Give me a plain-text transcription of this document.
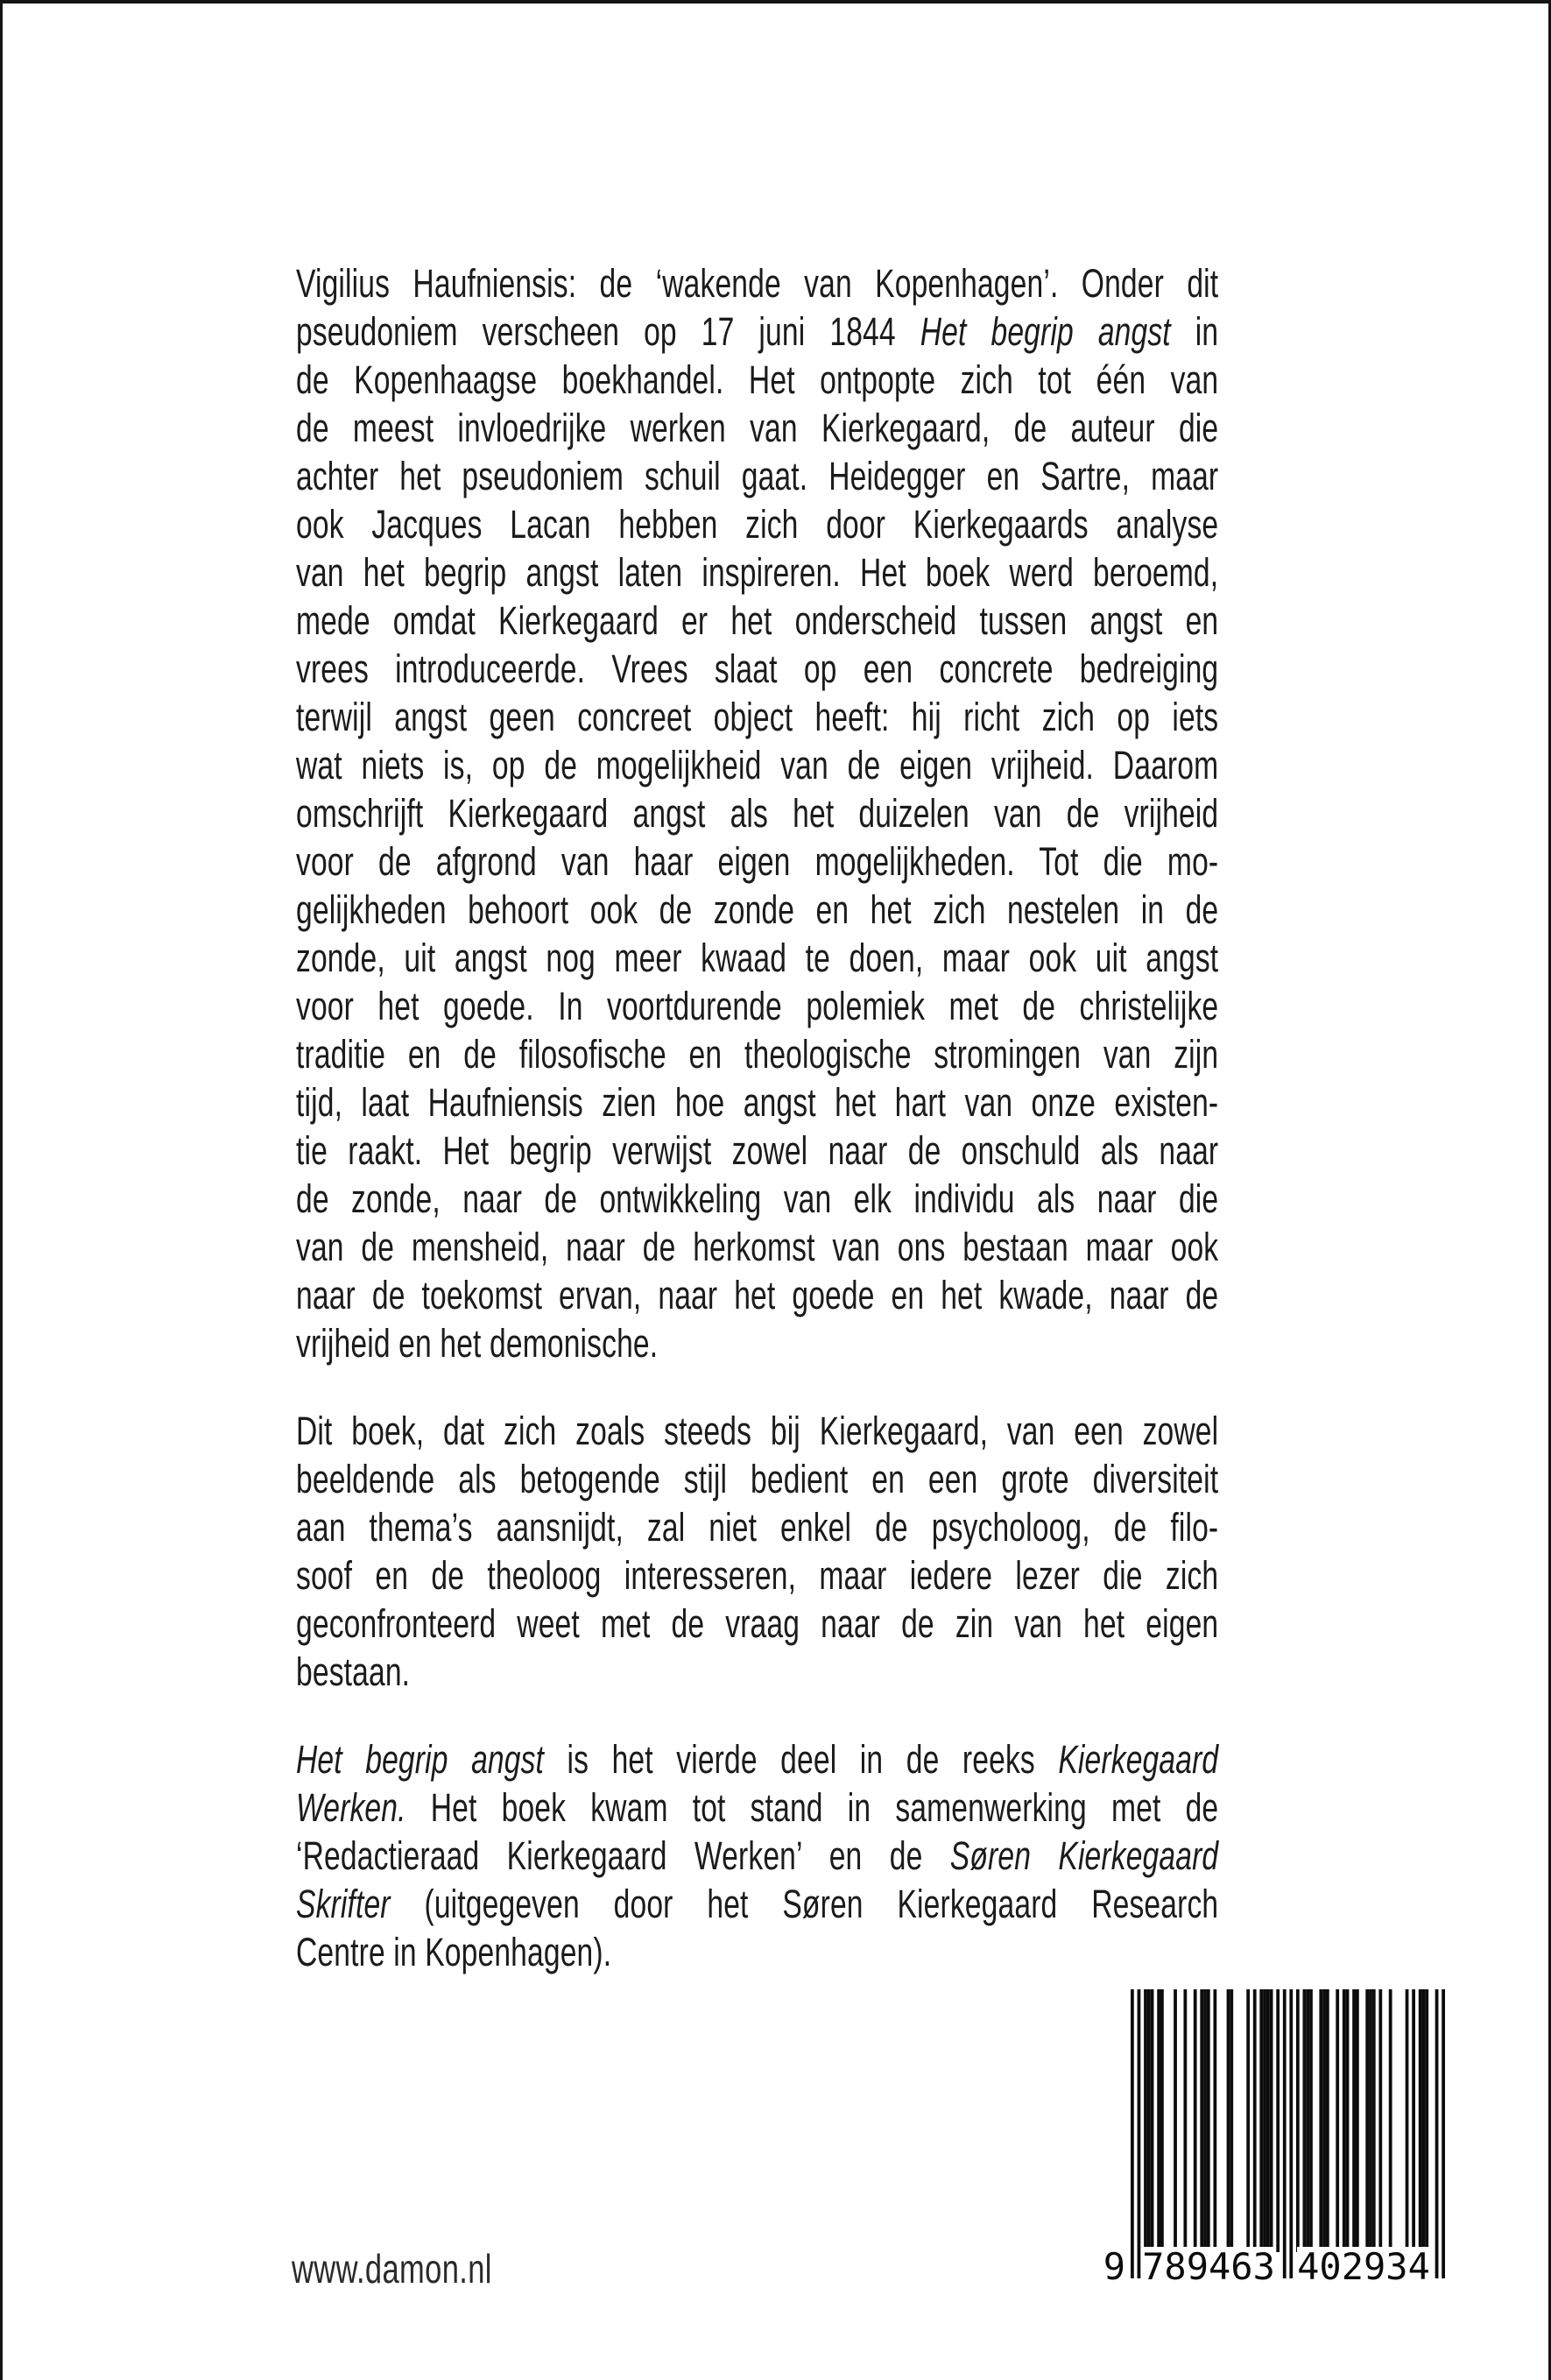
Vigilius Haufniensis: de ‘wakende van Kopenhagen’. Onder dit
pseudoniem verscheen op 17 juni 1844 Het begrip angst in
de Kopenhaagse boekhandel. Het ontpopte zich tot één van
de meest invloedrijke werken van Kierkegaard, de auteur die
achter het pseudoniem schuil gaat. Heidegger en Sartre, maar
ook Jacques Lacan hebben zich door Kierkegaards analyse
van het begrip angst laten inspireren. Het boek werd beroemd,
mede omdat Kierkegaard er het onderscheid tussen angst en
vrees introduceerde. Vrees slaat op een concrete bedreiging
terwijl angst geen concreet object heeft: hij richt zich op iets
wat niets is, op de mogelijkheid van de eigen vrijheid. Daarom
omschrijft Kierkegaard angst als het duizelen van de vrijheid
voor de afgrond van haar eigen mogelijkheden. Tot die mo-
gelijkheden behoort ook de zonde en het zich nestelen in de
zonde, uit angst nog meer kwaad te doen, maar ook uit angst
voor het goede. In voortdurende polemiek met de christelijke
traditie en de filosofische en theologische stromingen van zijn
tijd, laat Haufniensis zien hoe angst het hart van onze existen-
tie raakt. Het begrip verwijst zowel naar de onschuld als naar
de zonde, naar de ontwikkeling van elk individu als naar die
van de mensheid, naar de herkomst van ons bestaan maar ook
naar de toekomst ervan, naar het goede en het kwade, naar de
vrijheid en het demonische.
Dit boek, dat zich zoals steeds bij Kierkegaard, van een zowel
beeldende als betogende stijl bedient en een grote diversiteit
aan thema’s aansnijdt, zal niet enkel de psycholoog, de filo-
soof en de theoloog interesseren, maar iedere lezer die zich
geconfronteerd weet met de vraag naar de zin van het eigen
bestaan.
Het begrip angst is het vierde deel in de reeks Kierkegaard
Werken. Het boek kwam tot stand in samenwerking met de
‘Redactieraad Kierkegaard Werken’ en de Søren Kierkegaard
Skrifter (uitgegeven door het Søren Kierkegaard Research
Centre in Kopenhagen).
www.damon.nl	9 789463 402934
